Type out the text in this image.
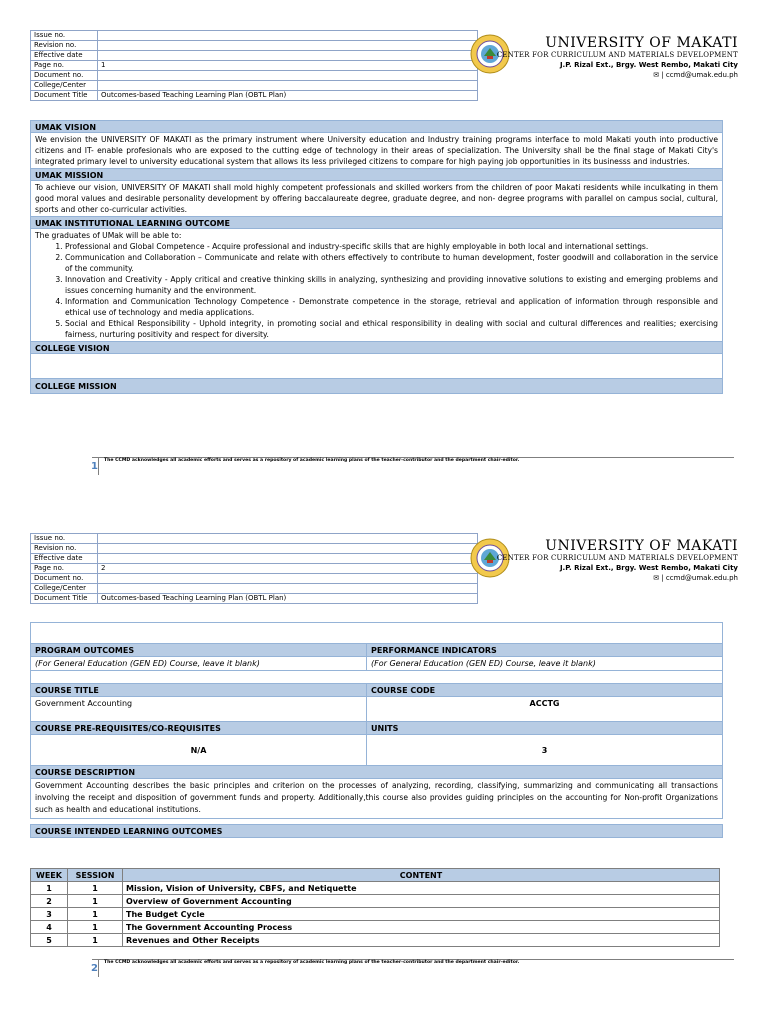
Issue no.	
Revision no.	
Effective date	
Page no.	1
Document no.	
College/Center	
Document Title	Outcomes-based Teaching Learning Plan (OBTL Plan)
UNIVERSITY OF MAKATI
CENTER FOR CURRICULUM AND MATERIALS DEVELOPMENT
J.P. Rizal Ext., Brgy. West Rembo, Makati City
✉ | ccmd@umak.edu.ph
UMAK VISION
We envision the UNIVERSITY OF MAKATI as the primary instrument where University education and Industry training programs interface to mold Makati youth into productive citizens and IT- enable profesionals who are exposed to the cutting edge of technology in their areas of specialization. The University shall be the final stage of Makati City's integrated primary level to university educational system that allows its less privileged citizens to compare for high paying job opportunities in its businesss and industries.
UMAK MISSION
To achieve our vision, UNIVERSITY OF MAKATI shall mold highly competent professionals and skilled workers from the children of poor Makati residents while inculkating in them good moral values and desirable personality development by offering baccalaureate degree, graduate degree, and non- degree programs with parallel on campus social, cultural, sports and other co-curricular activities.
UMAK INSTITUTIONAL LEARNING OUTCOME
The graduates of UMak will be able to:
1. Professional and Global Competence - Acquire professional and industry-specific skills that are highly employable in both local and international settings.
2. Communication and Collaboration – Communicate and relate with others effectively to contribute to human development, foster goodwill and collaboration in the service of the community.
3. Innovation and Creativity - Apply critical and creative thinking skills in analyzing, synthesizing and providing innovative solutions to existing and emerging problems and issues concerning humanity and the environment.
4. Information and Communication Technology Competence - Demonstrate competence in the storage, retrieval and application of information through responsible and ethical use of technology and media applications.
5. Social and Ethical Responsibility - Uphold integrity, in promoting social and ethical responsibility in dealing with social and cultural differences and realities; exercising fairness, nurturing positivity and respect for diversity.
COLLEGE VISION
COLLEGE MISSION
1
The CCMD acknowledges all academic efforts and serves as a repository of academic learning plans of the teacher-contributor and the department chair-editor.
Issue no.	
Revision no.	
Effective date	
Page no.	2
Document no.	
College/Center	
Document Title	Outcomes-based Teaching Learning Plan (OBTL Plan)
UNIVERSITY OF MAKATI
CENTER FOR CURRICULUM AND MATERIALS DEVELOPMENT
J.P. Rizal Ext., Brgy. West Rembo, Makati City
✉ | ccmd@umak.edu.ph

PROGRAM OUTCOMES	PERFORMANCE INDICATORS
(For General Education (GEN ED) Course, leave it blank)	(For General Education (GEN ED) Course, leave it blank)

COURSE TITLE	COURSE CODE
Government Accounting	ACCTG
COURSE PRE-REQUISITES/CO-REQUISITES	UNITS
N/A	3
COURSE DESCRIPTION	
Government Accounting describes the basic principles and criterion on the processes of analyzing, recording, classifying, summarizing and communicating all transactions involving the receipt and disposition of government funds and property. Additionally,this course also provides guiding principles on the accounting for Non-profit Organizations such as health and educational institutions.	

COURSE INTENDED LEARNING OUTCOMES	
WEEK	SESSION	CONTENT
1	1	Mission, Vision of University, CBFS, and Netiquette
2	1	Overview of Government Accounting
3	1	The Budget Cycle
4	1	The Government Accounting Process
5	1	Revenues and Other Receipts
2
The CCMD acknowledges all academic efforts and serves as a repository of academic learning plans of the teacher-contributor and the department chair-editor.
